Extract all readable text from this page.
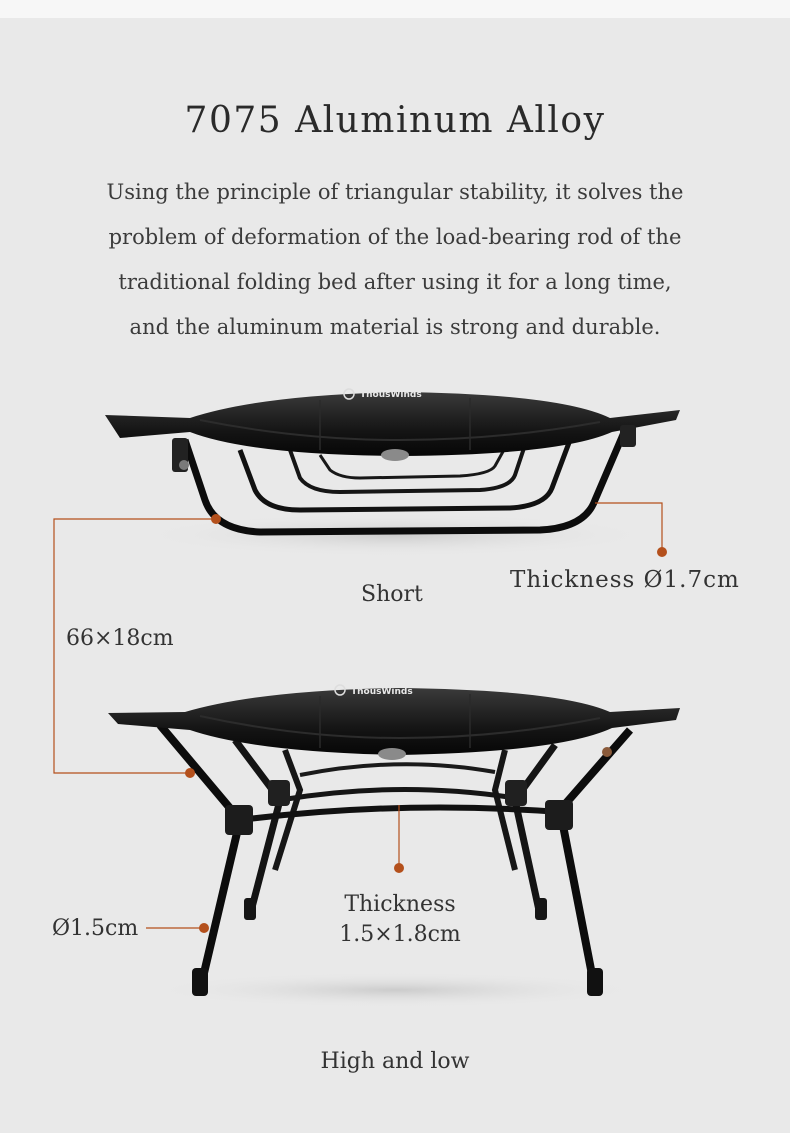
7075 Aluminum Alloy
Using the principle of triangular stability, it solves the
problem of deformation of the load-bearing rod of the
traditional folding bed after using it for a long time,
and the aluminum material is strong and durable.
ThousWinds
ThousWinds
Short
Thickness Ø1.7cm
66×18cm
Ø1.5cm
Thickness
1.5×1.8cm
High and low
